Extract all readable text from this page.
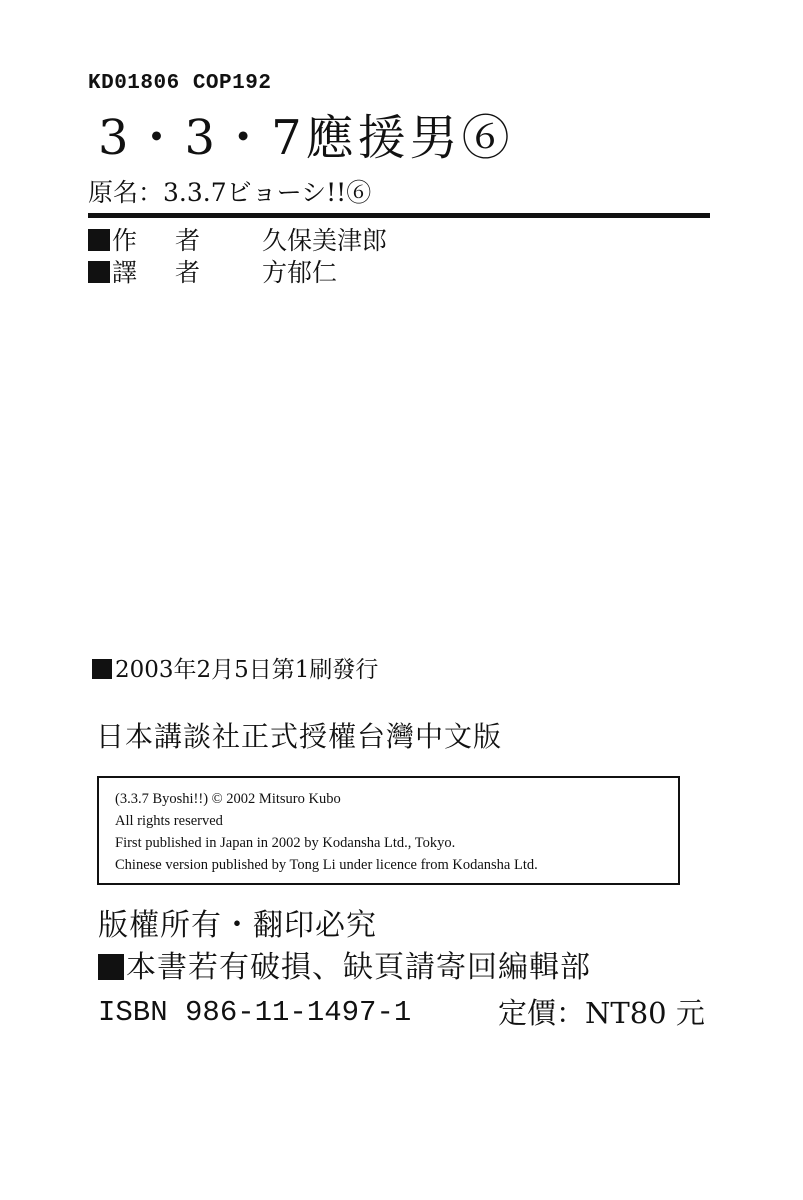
KD01806 COP192
3・3・7應援男⑥
原名：3.3.7ビョーシ!!⑥
作者 久保美津郎
譯者 方郁仁
2003年2月5日第1刷發行
日本講談社正式授權台灣中文版
(3.3.7 Byoshi!!) © 2002 Mitsuro Kubo
All rights reserved
First published in Japan in 2002 by Kodansha Ltd., Tokyo.
Chinese version published by Tong Li under licence from Kodansha Ltd.
版權所有・翻印必究
本書若有破損、缺頁請寄回編輯部
ISBN 986-11-1497-1	定價：NT80 元
